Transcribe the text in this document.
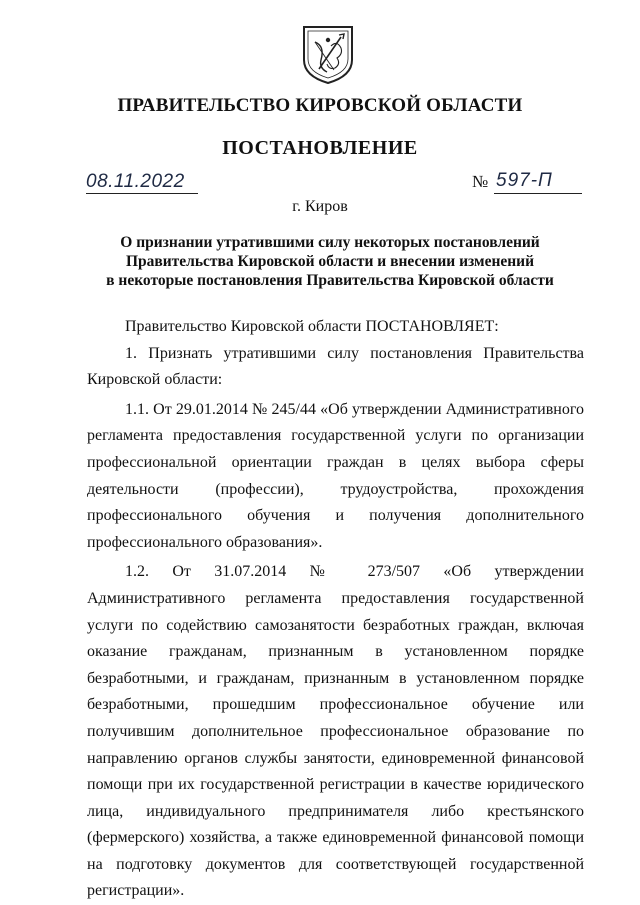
ПРАВИТЕЛЬСТВО КИРОВСКОЙ ОБЛАСТИ
ПОСТАНОВЛЕНИЕ
08.11.2022	№ 597-П
г. Киров
О признании утратившими силу некоторых постановлений
Правительства Кировской области и внесении изменений
в некоторые постановления Правительства Кировской области

Правительство Кировской области ПОСТАНОВЛЯЕТ:

1. Признать утратившими силу постановления Правительства Кировской области:

1.1. От 29.01.2014 № 245/44 «Об утверждении Административного регламента предоставления государственной услуги по организации профессиональной ориентации граждан в целях выбора сферы деятельности (профессии), трудоустройства, прохождения профессионального обучения и получения дополнительного профессионального образования».

1.2. От 31.07.2014 № 273/507 «Об утверждении Административного регламента предоставления государственной услуги по содействию самозанятости безработных граждан, включая оказание гражданам, признанным в установленном порядке безработными, и гражданам, признанным в установленном порядке безработными, прошедшим профессиональное обучение или получившим дополнительное профессиональное образование по направлению органов службы занятости, единовременной финансовой помощи при их государственной регистрации в качестве юридического лица, индивидуального предпринимателя либо крестьянского (фермерского) хозяйства, а также единовременной финансовой помощи на подготовку документов для соответствующей государственной регистрации».
